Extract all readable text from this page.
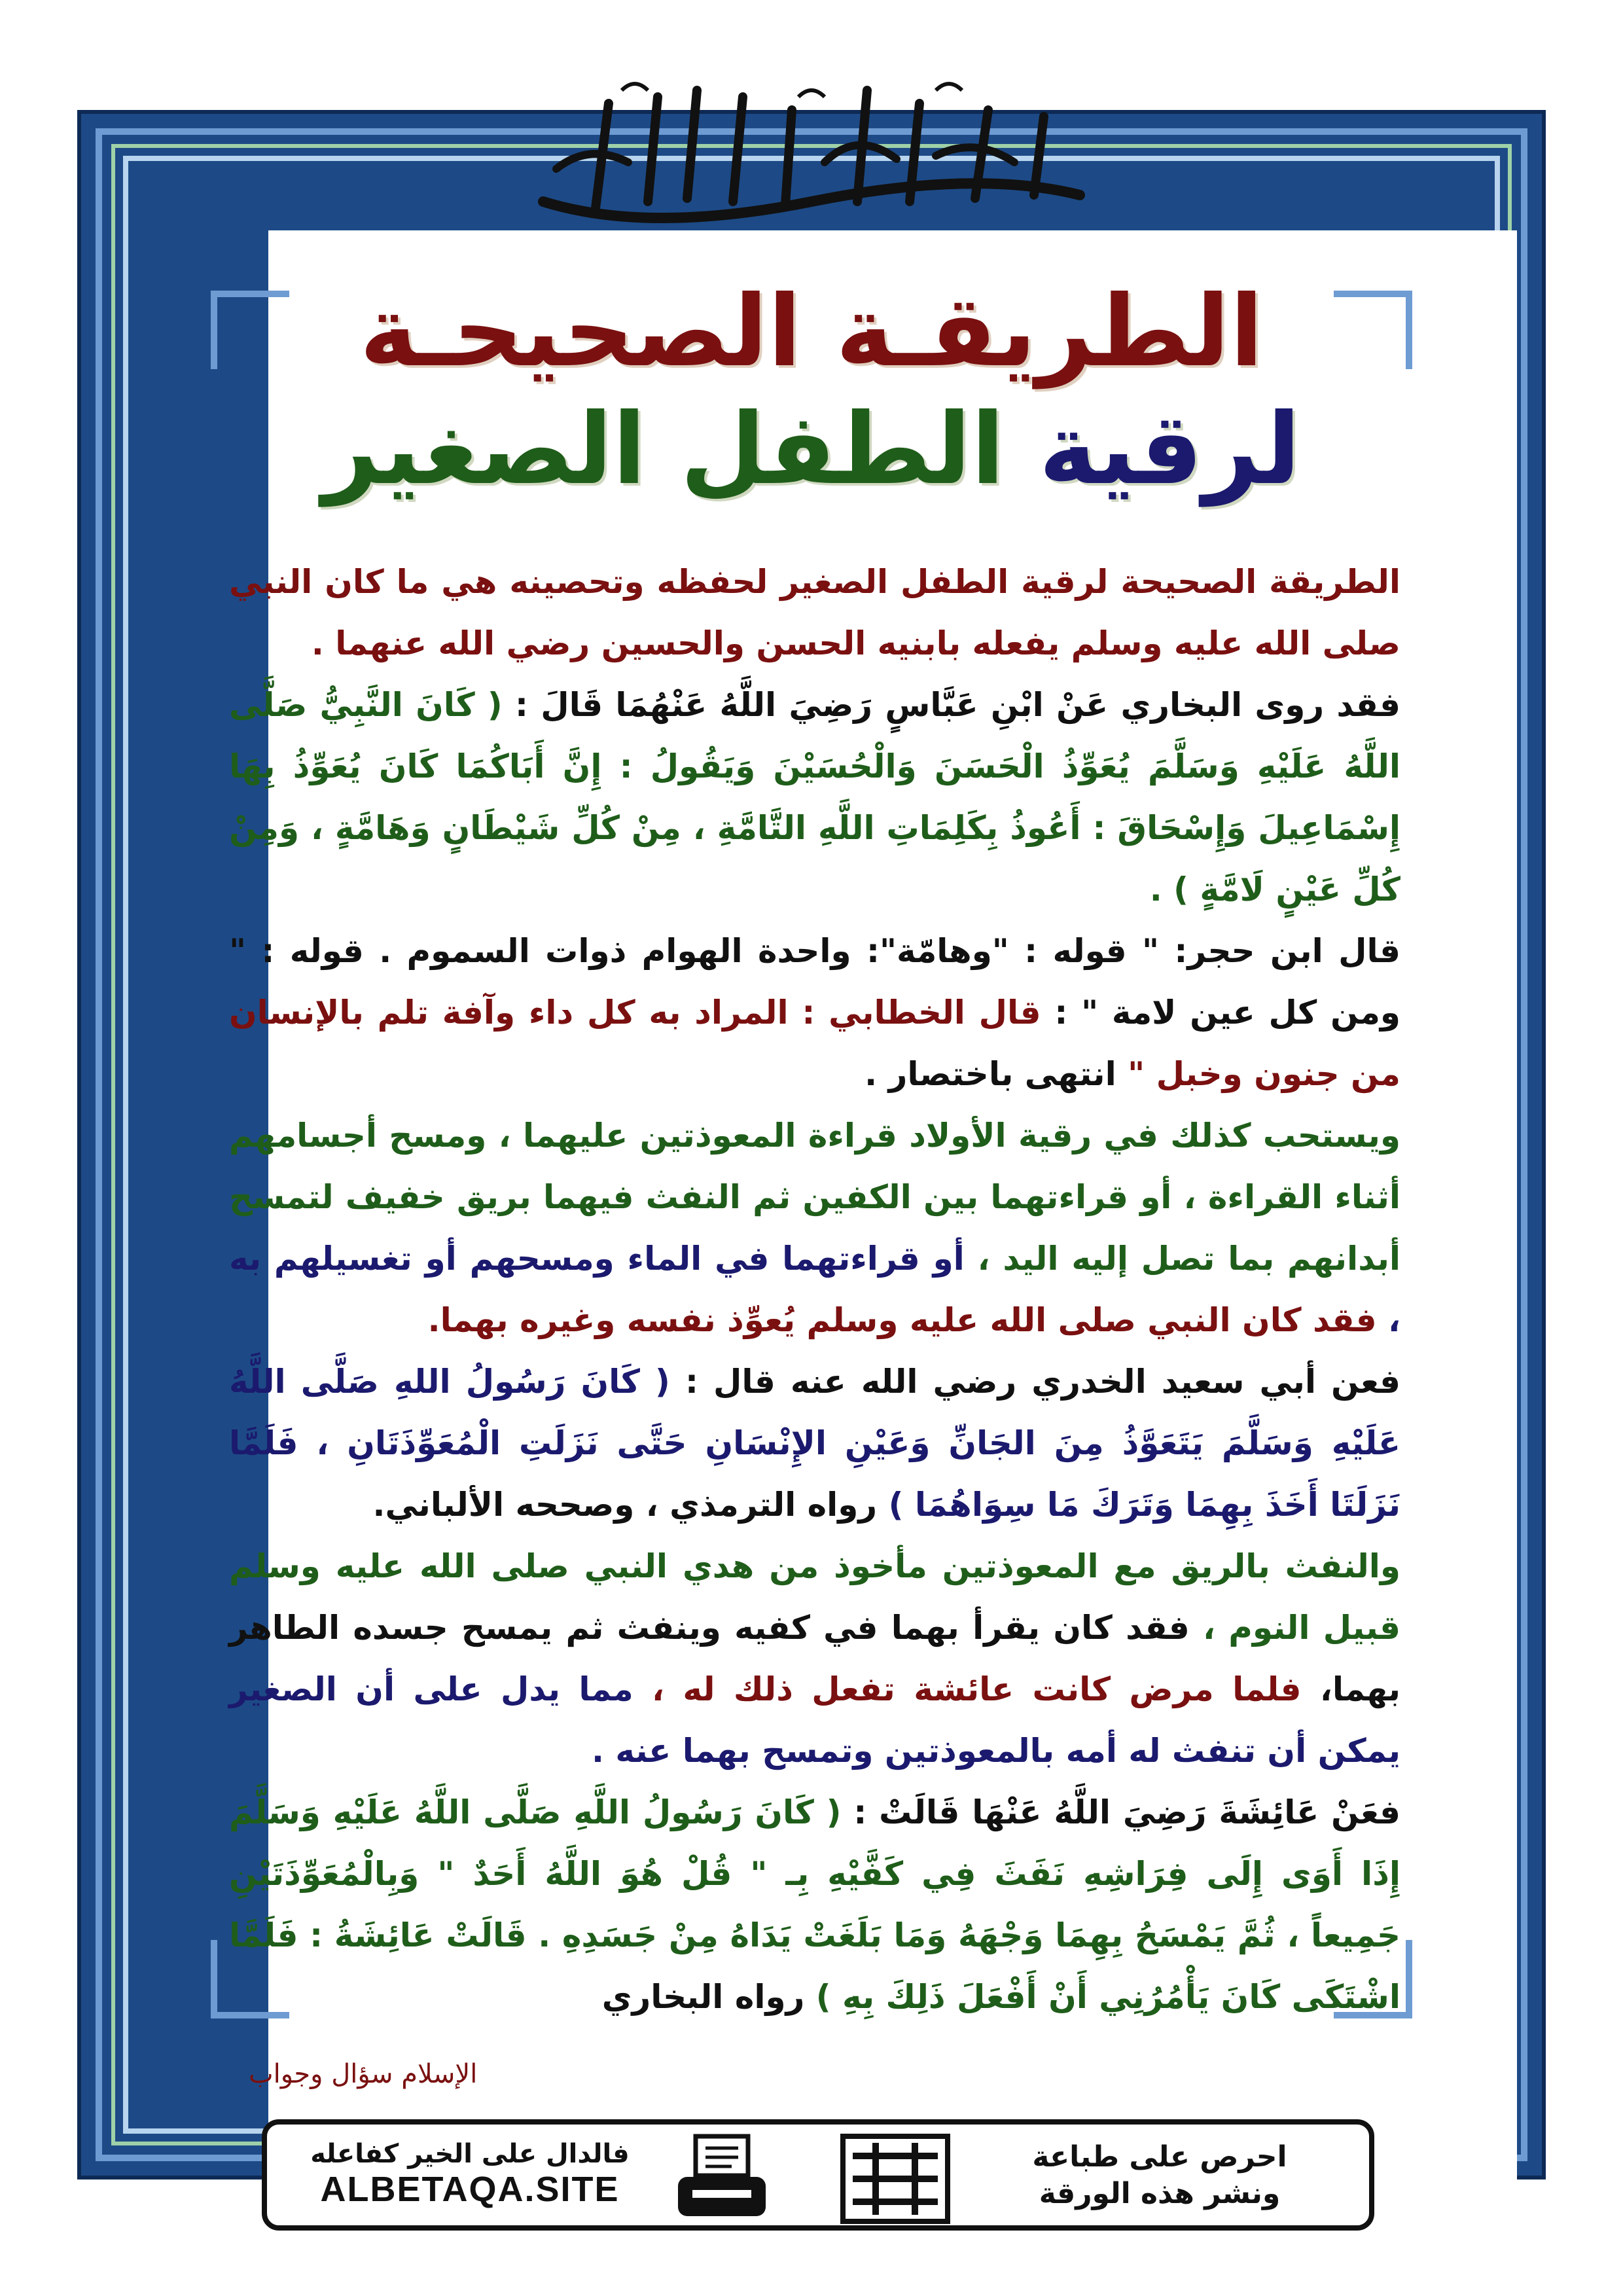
بسم الله الرحمن الرحيم
الطريقـة الصحيحـة
لرقية الطفل الصغير

الطريقة الصحيحة لرقية الطفل الصغير لحفظه وتحصينه هي ما كان النبي صلى الله عليه وسلم يفعله بابنيه الحسن والحسين رضي الله عنهما .

فقد روى البخاري عَنْ ابْنِ عَبَّاسٍ رَضِيَ اللَّهُ عَنْهُمَا قَالَ : ( كَانَ النَّبِيُّ صَلَّى اللَّهُ عَلَيْهِ وَسَلَّمَ يُعَوِّذُ الْحَسَنَ وَالْحُسَيْنَ وَيَقُولُ : إِنَّ أَبَاكُمَا كَانَ يُعَوِّذُ بِهَا إِسْمَاعِيلَ وَإِسْحَاقَ : أَعُوذُ بِكَلِمَاتِ اللَّهِ التَّامَّةِ ، مِنْ كُلِّ شَيْطَانٍ وَهَامَّةٍ ، وَمِنْ كُلِّ عَيْنٍ لَامَّةٍ ) .

قال ابن حجر: " قوله : "وهامّة": واحدة الهوام ذوات السموم . قوله : " ومن كل عين لامة " : قال الخطابي : المراد به كل داء وآفة تلم بالإنسان من جنون وخبل " انتهى باختصار .

ويستحب كذلك في رقية الأولاد قراءة المعوذتين عليهما ، ومسح أجسامهم أثناء القراءة ، أو قراءتهما بين الكفين ثم النفث فيهما بريق خفيف لتمسح أبدانهم بما تصل إليه اليد ، أو قراءتهما في الماء ومسحهم أو تغسيلهم به ، فقد كان النبي صلى الله عليه وسلم يُعوِّذ نفسه وغيره بهما.

فعن أبي سعيد الخدري رضي الله عنه قال : ( كَانَ رَسُولُ اللهِ صَلَّى اللَّهُ عَلَيْهِ وَسَلَّمَ يَتَعَوَّذُ مِنَ الجَانِّ وَعَيْنِ الإِنْسَانِ حَتَّى نَزَلَتِ الْمُعَوِّذَتَانِ ، فَلَمَّا نَزَلَتَا أَخَذَ بِهِمَا وَتَرَكَ مَا سِوَاهُمَا ) رواه الترمذي ، وصححه الألباني.

والنفث بالريق مع المعوذتين مأخوذ من هدي النبي صلى الله عليه وسلم قبيل النوم ، فقد كان يقرأ بهما في كفيه وينفث ثم يمسح جسده الطاهر بهما، فلما مرض كانت عائشة تفعل ذلك له ، مما يدل على أن الصغير يمكن أن تنفث له أمه بالمعوذتين وتمسح بهما عنه .

فعَنْ عَائِشَةَ رَضِيَ اللَّهُ عَنْهَا قَالَتْ : ( كَانَ رَسُولُ اللَّهِ صَلَّى اللَّهُ عَلَيْهِ وَسَلَّمَ إِذَا أَوَى إِلَى فِرَاشِهِ نَفَثَ فِي كَفَّيْهِ بِـ " قُلْ هُوَ اللَّهُ أَحَدٌ " وَبِالْمُعَوِّذَتَيْنِ جَمِيعاً ، ثُمَّ يَمْسَحُ بِهِمَا وَجْهَهُ وَمَا بَلَغَتْ يَدَاهُ مِنْ جَسَدِهِ . قَالَتْ عَائِشَةُ : فَلَمَّا اشْتَكَى كَانَ يَأْمُرُنِي أَنْ أَفْعَلَ ذَلِكَ بِهِ ) رواه البخاري

الإسلام سؤال وجواب
فالدال على الخير كفاعله
ALBETAQA.SITE
احرص على طباعة
ونشر هذه الورقة
